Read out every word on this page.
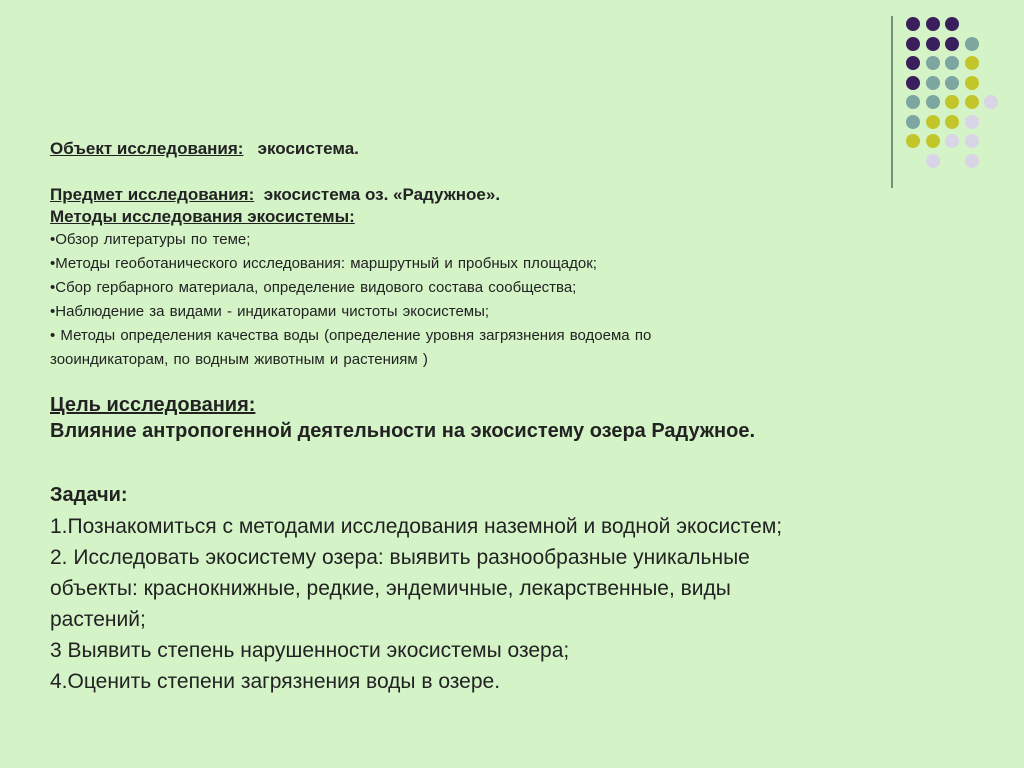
Объект исследования: экосистема.
Предмет исследования: экосистема оз. «Радужное».
Методы исследования экосистемы:
•Обзор литературы по теме;
•Методы геоботанического исследования: маршрутный и пробных площадок;
•Сбор гербарного материала, определение видового состава сообщества;
•Наблюдение за видами - индикаторами чистоты экосистемы;
• Методы определения качества воды (определение уровня загрязнения водоема по
зооиндикаторам, по водным животным и растениям )
Цель исследования:
Влияние антропогенной деятельности на экосистему озера Радужное.
Задачи:
1.Познакомиться с методами исследования наземной и водной экосистем;
2. Исследовать экосистему озера: выявить разнообразные уникальные
объекты: краснокнижные, редкие, эндемичные, лекарственные, виды
растений;
3 Выявить степень нарушенности экосистемы озера;
4.Оценить степени загрязнения воды в озере.
